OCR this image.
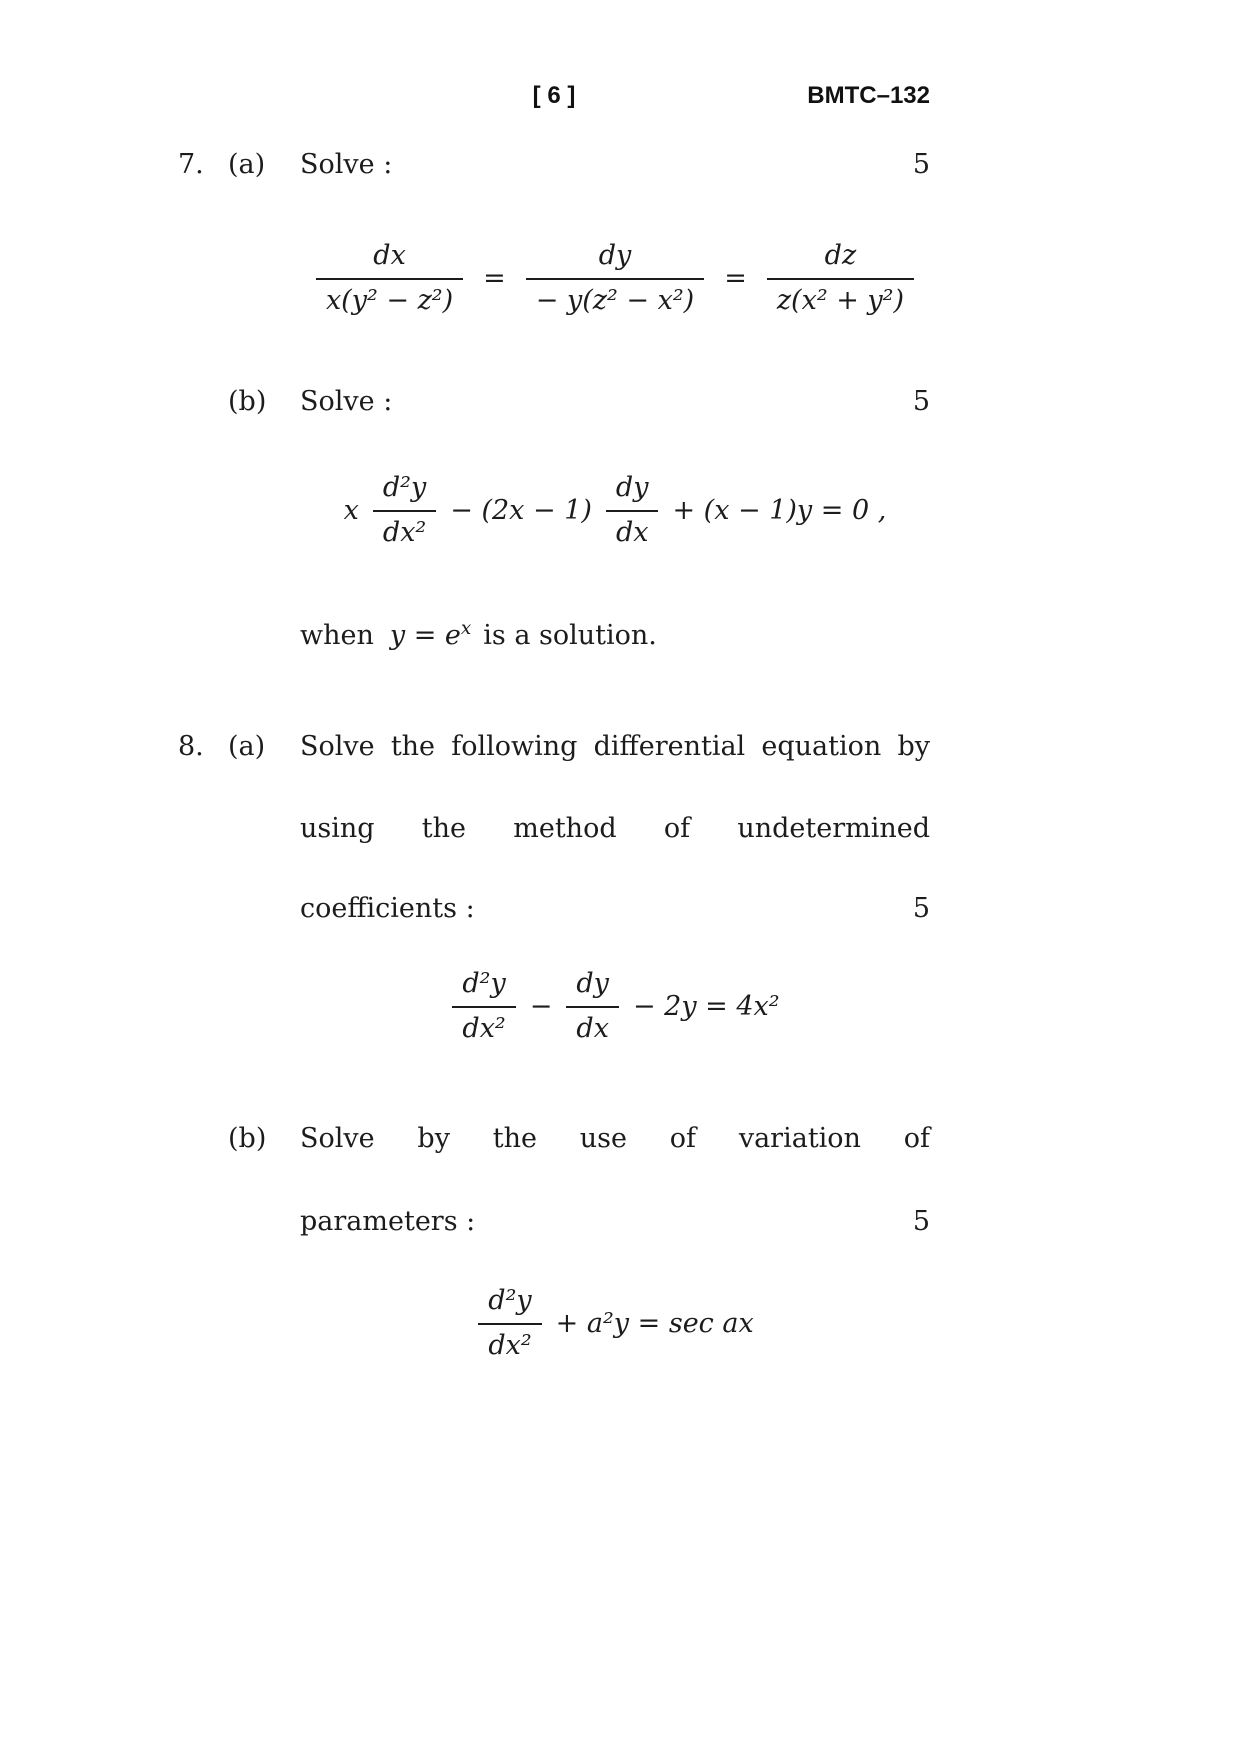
[ 6 ]	BMTC–132
7. (a)	Solve :	5
$\frac{dx}{\text{x(y² − z²)}} = \frac{dy}{\text{− y(z² − x²)}} = \frac{dz}{\text{z(x² + y²)}}$
(b)	Solve :	5
x $\frac{\text{d²y}}{\text{dx²}} - (2x - 1) \frac{dy}{dx} + (x - 1)y = 0$ ,
when $y = e^x$ is a solution.
8. (a)	Solve the following differential equation by
using the method of undetermined
coefficients :	5
$\frac{\text{d²y}}{\text{dx²}} - \frac{dy}{dx} - 2y = 4x^2$
(b)	Solve by the use of variation of
parameters :	5
$\frac{\text{d²y}}{\text{dx²}} + a^2y = \sec$ ax
